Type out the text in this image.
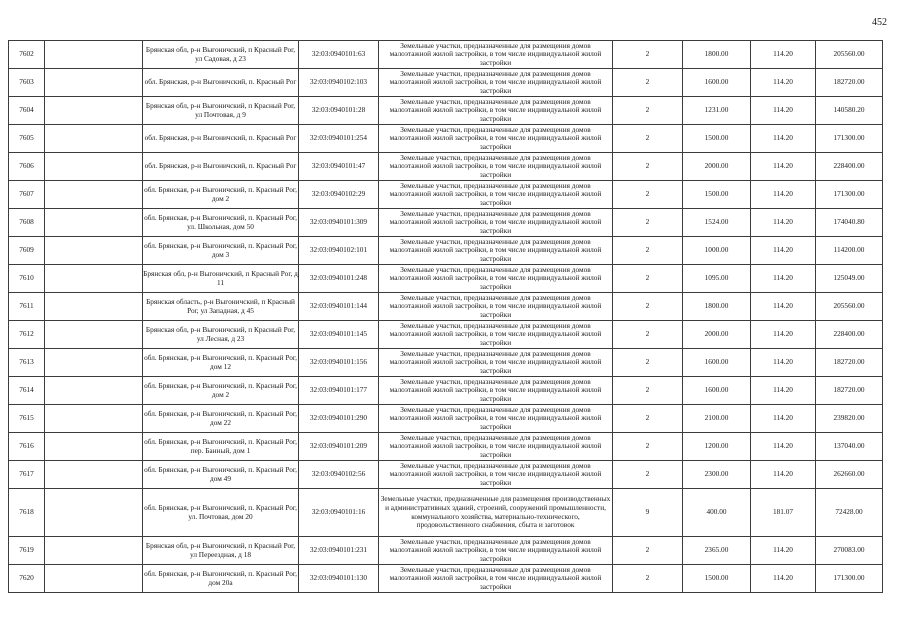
452
7602		Брянская обл, р-н Выгоничский, п Красный Рог, ул Садовая, д 23	32:03:0940101:63	Земельные участки, предназначенные для размещения домов малоэтажной жилой застройки, в том числе индивидуальной жилой застройки	2	1800.00	114.20	205560.00
7603		обл. Брянская, р-н Выгоничский, п. Красный Рог	32:03:0940102:103	Земельные участки, предназначенные для размещения домов малоэтажной жилой застройки, в том числе индивидуальной жилой застройки	2	1600.00	114.20	182720.00
7604		Брянская обл, р-н Выгоничский, п Красный Рог, ул Почтовая, д 9	32:03:0940101:28	Земельные участки, предназначенные для размещения домов малоэтажной жилой застройки, в том числе индивидуальной жилой застройки	2	1231.00	114.20	140580.20
7605		обл. Брянская, р-н Выгоничский, п. Красный Рог	32:03:0940101:254	Земельные участки, предназначенные для размещения домов малоэтажной жилой застройки, в том числе индивидуальной жилой застройки	2	1500.00	114.20	171300.00
7606		обл. Брянская, р-н Выгоничский, п. Красный Рог	32:03:0940101:47	Земельные участки, предназначенные для размещения домов малоэтажной жилой застройки, в том числе индивидуальной жилой застройки	2	2000.00	114.20	228400.00
7607		обл. Брянская, р-н Выгоничский, п. Красный Рог, дом 2	32:03:0940102:29	Земельные участки, предназначенные для размещения домов малоэтажной жилой застройки, в том числе индивидуальной жилой застройки	2	1500.00	114.20	171300.00
7608		обл. Брянская, р-н Выгоничский, п. Красный Рог, ул. Школьная, дом 50	32:03:0940101:309	Земельные участки, предназначенные для размещения домов малоэтажной жилой застройки, в том числе индивидуальной жилой застройки	2	1524.00	114.20	174040.80
7609		обл. Брянская, р-н Выгоничский, п. Красный Рог, дом 3	32:03:0940102:101	Земельные участки, предназначенные для размещения домов малоэтажной жилой застройки, в том числе индивидуальной жилой застройки	2	1000.00	114.20	114200.00
7610		Брянская обл, р-н Выгоничский, п Красный Рог, д 11	32:03:0940101:248	Земельные участки, предназначенные для размещения домов малоэтажной жилой застройки, в том числе индивидуальной жилой застройки	2	1095.00	114.20	125049.00
7611		Брянская область, р-н Выгоничский, п Красный Рог, ул Западная, д 45	32:03:0940101:144	Земельные участки, предназначенные для размещения домов малоэтажной жилой застройки, в том числе индивидуальной жилой застройки	2	1800.00	114.20	205560.00
7612		Брянская обл, р-н Выгоничский, п Красный Рог, ул Лесная, д 23	32:03:0940101:145	Земельные участки, предназначенные для размещения домов малоэтажной жилой застройки, в том числе индивидуальной жилой застройки	2	2000.00	114.20	228400.00
7613		обл. Брянская, р-н Выгоничский, п. Красный Рог, дом 12	32:03:0940101:156	Земельные участки, предназначенные для размещения домов малоэтажной жилой застройки, в том числе индивидуальной жилой застройки	2	1600.00	114.20	182720.00
7614		обл. Брянская, р-н Выгоничский, п. Красный Рог, дом 2	32:03:0940101:177	Земельные участки, предназначенные для размещения домов малоэтажной жилой застройки, в том числе индивидуальной жилой застройки	2	1600.00	114.20	182720.00
7615		обл. Брянская, р-н Выгоничский, п. Красный Рог, дом 22	32:03:0940101:290	Земельные участки, предназначенные для размещения домов малоэтажной жилой застройки, в том числе индивидуальной жилой застройки	2	2100.00	114.20	239820.00
7616		обл. Брянская, р-н Выгоничский, п. Красный Рог, пер. Банный, дом 1	32:03:0940101:209	Земельные участки, предназначенные для размещения домов малоэтажной жилой застройки, в том числе индивидуальной жилой застройки	2	1200.00	114.20	137040.00
7617		обл. Брянская, р-н Выгоничский, п. Красный Рог, дом 49	32:03:0940102:56	Земельные участки, предназначенные для размещения домов малоэтажной жилой застройки, в том числе индивидуальной жилой застройки	2	2300.00	114.20	262660.00
7618		обл. Брянская, р-н Выгоничский, п. Красный Рог, ул. Почтовая, дом 20	32:03:0940101:16	Земельные участки, предназначенные для размещения производственных и административных зданий, строений, сооружений промышленности, коммунального хозяйства, материально-технического, продовольственного снабжения, сбыта и заготовок	9	400.00	181.07	72428.00
7619		Брянская обл, р-н Выгоничский, п Красный Рог, ул Переездная, д 18	32:03:0940101:231	Земельные участки, предназначенные для размещения домов малоэтажной жилой застройки, в том числе индивидуальной жилой застройки	2	2365.00	114.20	270083.00
7620		обл. Брянская, р-н Выгоничский, п. Красный Рог, дом 20а	32:03:0940101:130	Земельные участки, предназначенные для размещения домов малоэтажной жилой застройки, в том числе индивидуальной жилой застройки	2	1500.00	114.20	171300.00
